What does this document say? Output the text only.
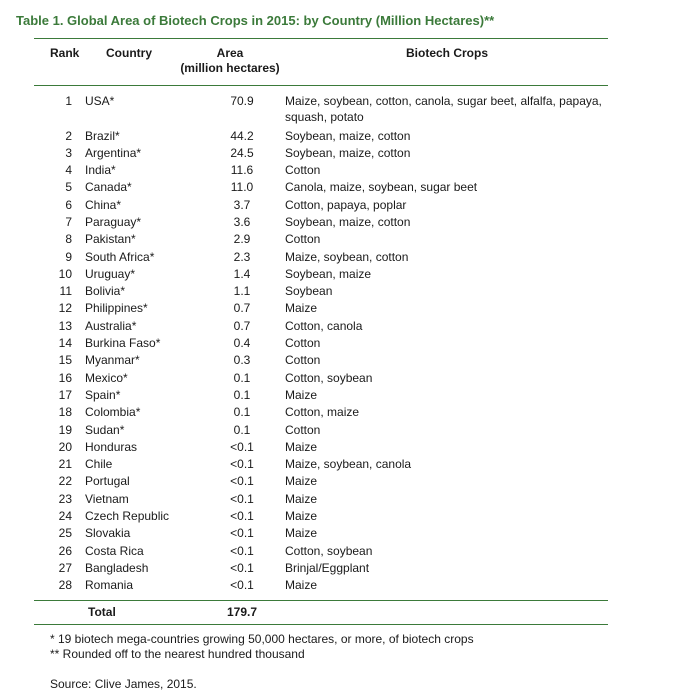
Table 1. Global Area of Biotech Crops in 2015: by Country (Million Hectares)**
Rank Country	Area
(million hectares)
Biotech Crops
1 USA*	70.9	Maize, soybean, cotton, canola, sugar beet, alfalfa, papaya, squash, potato
2 Brazil*	44.2	Soybean, maize, cotton
3 Argentina*	24.5	Soybean, maize, cotton
4 India*	11.6	Cotton
5 Canada*	11.0	Canola, maize, soybean, sugar beet
6 China*	3.7	Cotton, papaya, poplar
7 Paraguay*	3.6	Soybean, maize, cotton
8 Pakistan*	2.9	Cotton
9 South Africa*	2.3	Maize, soybean, cotton
10 Uruguay*	1.4	Soybean, maize
11 Bolivia*	1.1	Soybean
12 Philippines*	0.7	Maize
13 Australia*	0.7	Cotton, canola
14 Burkina Faso*	0.4	Cotton
15 Myanmar*	0.3	Cotton
16 Mexico*	0.1	Cotton, soybean
17 Spain*	0.1	Maize
18 Colombia*	0.1	Cotton, maize
19 Sudan*	0.1	Cotton
20 Honduras	<0.1	Maize
21 Chile	<0.1	Maize, soybean, canola
22 Portugal	<0.1	Maize
23 Vietnam	<0.1	Maize
24 Czech Republic	<0.1	Maize
25 Slovakia	<0.1	Maize
26 Costa Rica	<0.1	Cotton, soybean
27 Bangladesh	<0.1	Brinjal/Eggplant
28 Romania	<0.1	Maize
Total	179.7
* 19 biotech mega-countries growing 50,000 hectares, or more, of biotech crops
** Rounded off to the nearest hundred thousand
Source: Clive James, 2015.
